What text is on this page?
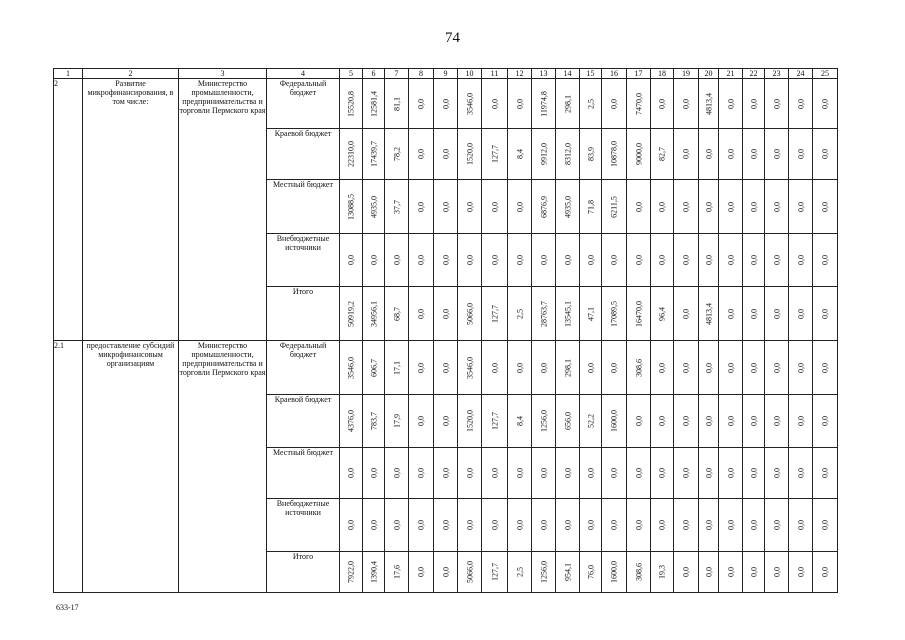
74
1	2	3	4	5	6	7	8	9	10	11	12	13	14	15	16	17	18	19	20	21	22	23	24	25
2	Развитие микрофинансирования, в том числе:	Министерство промышленности, предпринимательства и торговли Пермского края	Федеральный бюджет	15520,8	12581,4	81,1	0,0	0,0	3546,0	0,0	0,0	11974,8	298,1	2,5	0,0	7470,0	0,0	0,0	4813,4	0,0	0,0	0,0	0,0	0,0

			Краевой бюджет	22310,0	17439,7	78,2	0,0	0,0	1520,0	127,7	8,4	9912,0	8312,0	83,9	10878,0	9000,0	82,7	0,0	0,0	0,0	0,0	0,0	0,0	0,0

			Местный бюджет	13088,5	4935,0	37,7	0,0	0,0	0,0	0,0	0,0	6876,9	4935,0	71,8	6211,5	0,0	0,0	0,0	0,0	0,0	0,0	0,0	0,0	0,0

			Внебюджетные источники	0,0	0,0	0,0	0,0	0,0	0,0	0,0	0,0	0,0	0,0	0,0	0,0	0,0	0,0	0,0	0,0	0,0	0,0	0,0	0,0	0,0

			Итого	50919,2	34956,1	68,7	0,0	0,0	5066,0	127,7	2,5	28763,7	13545,1	47,1	17089,5	16470,0	96,4	0,0	4813,4	0,0	0,0	0,0	0,0	0,0

2.1	предоставление субсидий микрофинансовым организациям	Министерство промышленности, предпринимательства и торговли Пермского края	Федеральный бюджет	3546,0	606,7	17,1	0,0	0,0	3546,0	0,0	0,0	0,0	298,1	0,0	0,0	308,6	0,0	0,0	0,0	0,0	0,0	0,0	0,0	0,0

			Краевой бюджет	4376,0	783,7	17,9	0,0	0,0	1520,0	127,7	8,4	1256,0	656,0	52,2	1600,0	0,0	0,0	0,0	0,0	0,0	0,0	0,0	0,0	0,0

			Местный бюджет	0,0	0,0	0,0	0,0	0,0	0,0	0,0	0,0	0,0	0,0	0,0	0,0	0,0	0,0	0,0	0,0	0,0	0,0	0,0	0,0	0,0

			Внебюджетные источники	0,0	0,0	0,0	0,0	0,0	0,0	0,0	0,0	0,0	0,0	0,0	0,0	0,0	0,0	0,0	0,0	0,0	0,0	0,0	0,0	0,0

			Итого	7922,0	1390,4	17,6	0,0	0,0	5066,0	127,7	2,5	1256,0	954,1	76,0	1600,0	308,6	19,3	0,0	0,0	0,0	0,0	0,0	0,0	0,0
633-17
